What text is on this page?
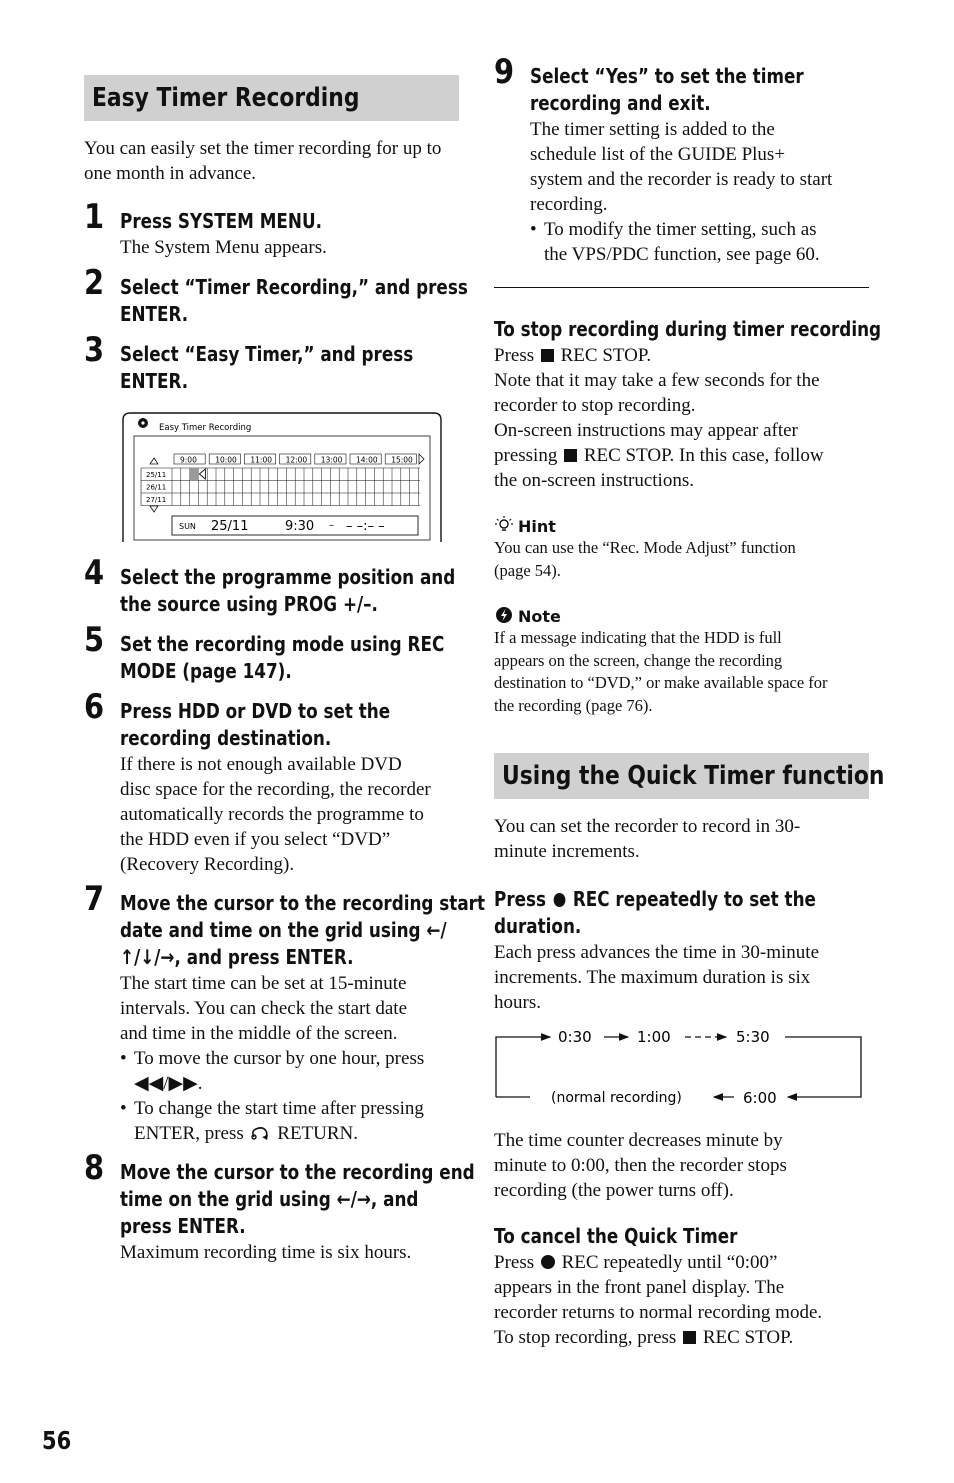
Easy Timer Recording
You can easily set the timer recording for up to one month in advance.
1 Press SYSTEM MENU.
The System Menu appears.
2 Select “Timer Recording,” and press
ENTER.
3 Select “Easy Timer,” and press
ENTER.
Easy Timer Recording
9:00 10:00 11:00 12:00 13:00 14:00 15:00
25/11
26/11
27/11
SUN 25/11	9:30 – – –:– –
4 Select the programme position and
the source using PROG +/–.
5 Set the recording mode using REC
MODE (page 147).
6 Press HDD or DVD to set the
recording destination.
If there is not enough available DVD
disc space for the recording, the recorder
automatically records the programme to
the HDD even if you select “DVD”
(Recovery Recording).
7 Move the cursor to the recording start
date and time on the grid using ←/
↑/↓/→, and press ENTER.
The start time can be set at 15-minute
intervals. You can check the start date
and time in the middle of the screen.
• To move the cursor by one hour, press
◀◀/▶▶.
• To change the start time after pressing
ENTER, press RETURN.
8 Move the cursor to the recording end
time on the grid using ←/→, and
press ENTER.
Maximum recording time is six hours.
9 Select “Yes” to set the timer
recording and exit.
The timer setting is added to the
schedule list of the GUIDE Plus+
system and the recorder is ready to start
recording.
• To modify the timer setting, such as
the VPS/PDC function, see page 60.
To stop recording during timer recording
Press REC STOP.
Note that it may take a few seconds for the
recorder to stop recording.
On-screen instructions may appear after
pressing REC STOP. In this case, follow
the on-screen instructions.
Hint
You can use the “Rec. Mode Adjust” function
(page 54).
Note
If a message indicating that the HDD is full
appears on the screen, change the recording
destination to “DVD,” or make available space for
the recording (page 76).
Using the Quick Timer function
You can set the recorder to record in 30-
minute increments.
Press REC repeatedly to set the
duration.
Each press advances the time in 30-minute
increments. The maximum duration is six
hours.
0:30	1:00	5:30
6:00
(normal recording)
The time counter decreases minute by
minute to 0:00, then the recorder stops
recording (the power turns off).
To cancel the Quick Timer
Press REC repeatedly until “0:00”
appears in the front panel display. The
recorder returns to normal recording mode.
To stop recording, press REC STOP.
56
